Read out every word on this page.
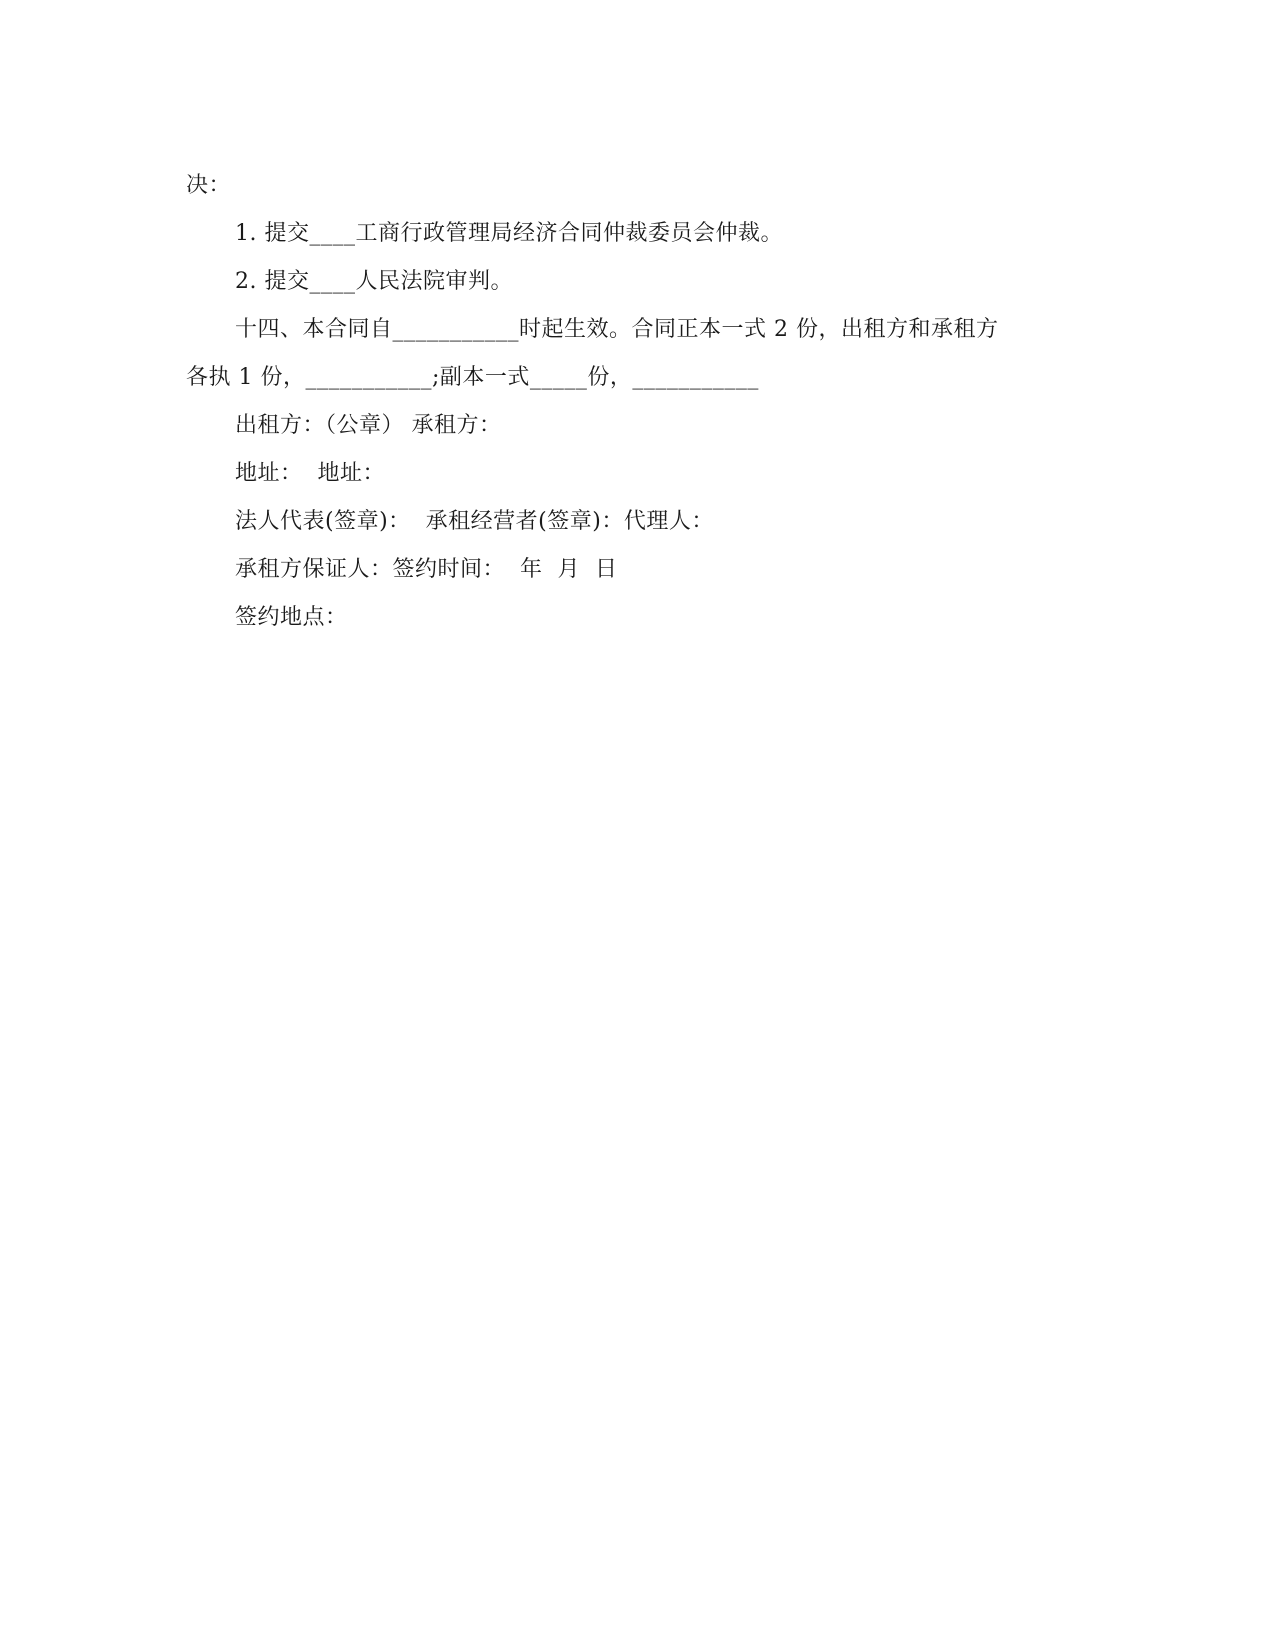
决：
1. 提交____工商行政管理局经济合同仲裁委员会仲裁。
2. 提交____人民法院审判。
十四、本合同自___________时起生效。合同正本一式 2 份，出租方和承租方
各执 1 份，___________;副本一式_____份，___________
出租方：（公章） 承租方：
地址：  地址：
法人代表(签章)：  承租经营者(签章)：代理人：
承租方保证人：签约时间：  年  月  日
签约地点：
